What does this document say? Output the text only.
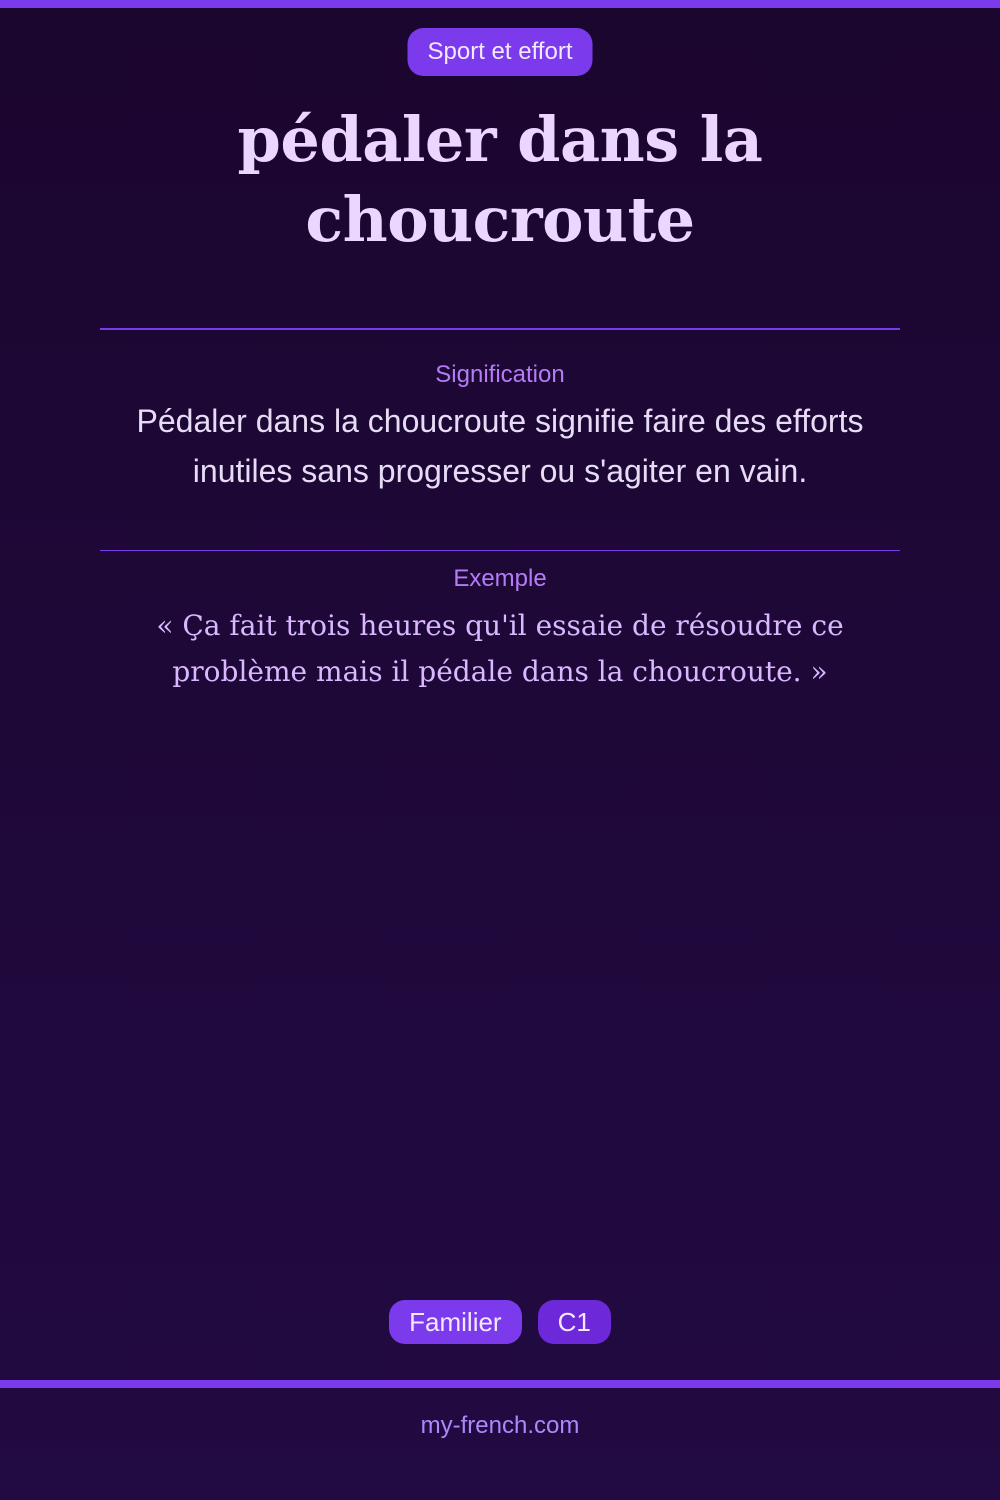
Sport et effort
pédaler dans la choucroute
Signification
Pédaler dans la choucroute signifie faire des efforts inutiles sans progresser ou s'agiter en vain.
Exemple
« Ça fait trois heures qu'il essaie de résoudre ce problème mais il pédale dans la choucroute. »
Familier	C1
my-french.com
